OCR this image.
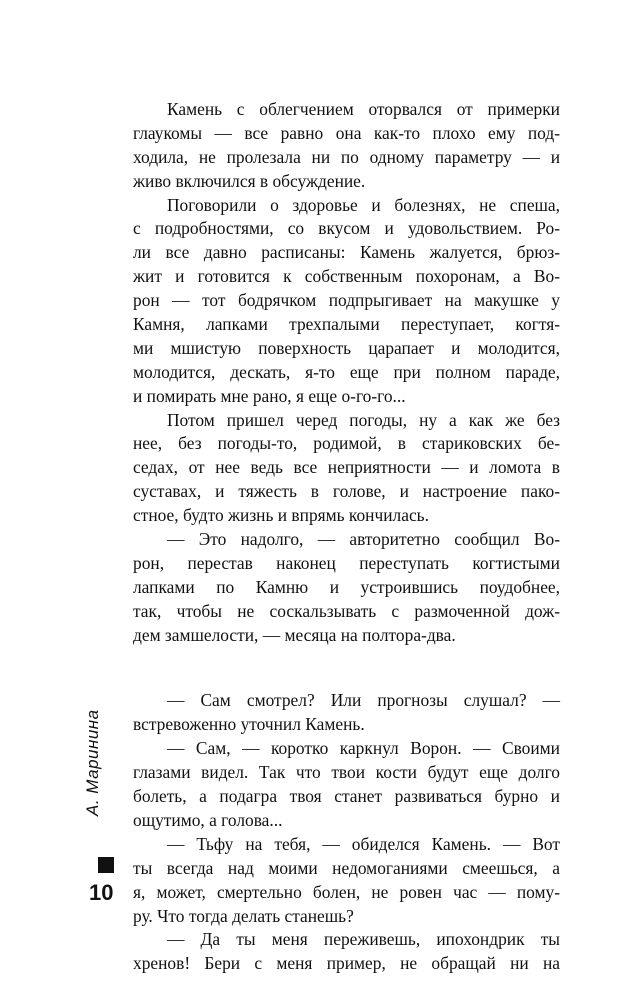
Камень с облегчением оторвался от примерки
глаукомы — все равно она как-то плохо ему под-
ходила, не пролезала ни по одному параметру — и
живо включился в обсуждение.
Поговорили о здоровье и болезнях, не спеша,
с подробностями, со вкусом и удовольствием. Ро-
ли все давно расписаны: Камень жалуется, брюз-
жит и готовится к собственным похоронам, а Во-
рон — тот бодрячком подпрыгивает на макушке у
Камня, лапками трехпалыми переступает, когтя-
ми мшистую поверхность царапает и молодится,
молодится, дескать, я-то еще при полном параде,
и помирать мне рано, я еще о-го-го...
Потом пришел черед погоды, ну а как же без
нее, без погоды-то, родимой, в стариковских бе-
седах, от нее ведь все неприятности — и ломота в
суставах, и тяжесть в голове, и настроение пако-
стное, будто жизнь и впрямь кончилась.
— Это надолго, — авторитетно сообщил Во-
рон, перестав наконец переступать когтистыми
лапками по Камню и устроившись поудобнее,
так, чтобы не соскальзывать с размоченной дож-
дем замшелости, — месяца на полтора-два.
— Сам смотрел? Или прогнозы слушал? —
встревоженно уточнил Камень.
— Сам, — коротко каркнул Ворон. — Своими
глазами видел. Так что твои кости будут еще долго
болеть, а подагра твоя станет развиваться бурно и
ощутимо, а голова...
— Тьфу на тебя, — обиделся Камень. — Вот
ты всегда над моими недомоганиями смеешься, а
я, может, смертельно болен, не ровен час — пому-
ру. Что тогда делать станешь?
— Да ты меня переживешь, ипохондрик ты
хренов! Бери с меня пример, не обращай ни на
А. Маринина
10
